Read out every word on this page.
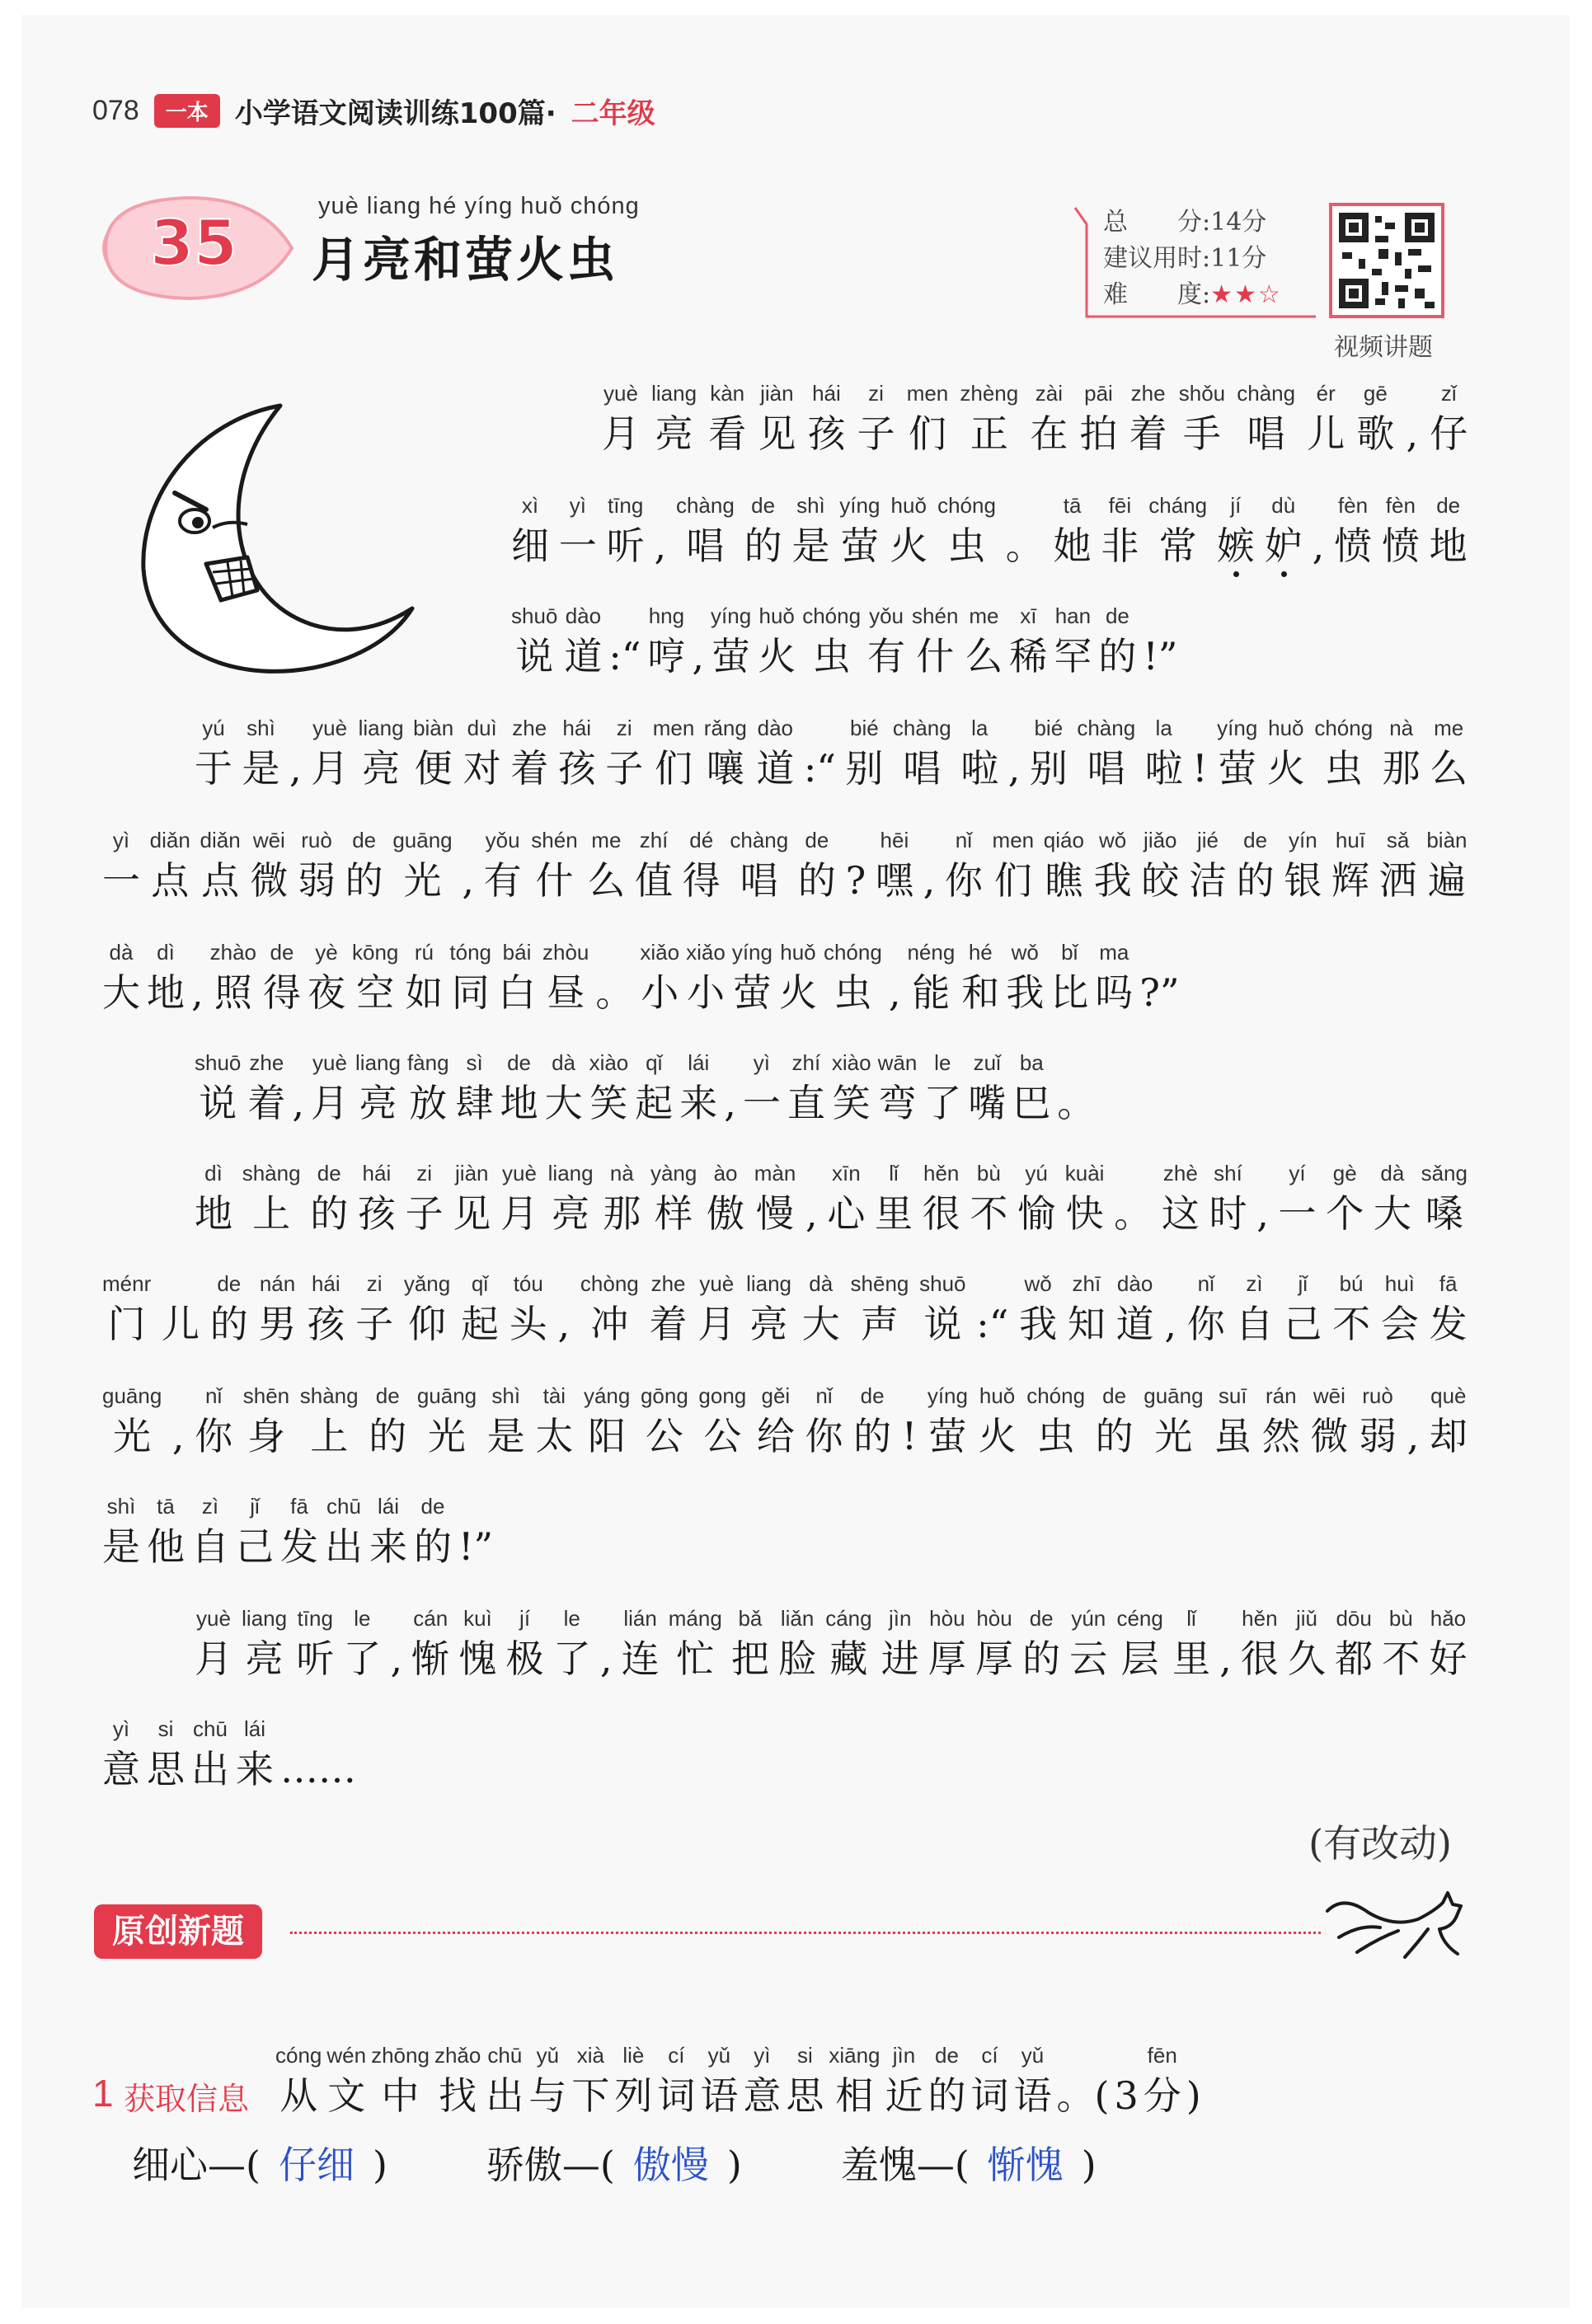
078	一本 小学语文阅读训练100篇· 二年级
35	yuè liang hé yíng huǒ chóng
月亮和萤火虫
总　　分:14分
建议用时:11分
难　　度:★★☆
视频讲题
yuè
月
liang
亮
kàn
看
jiàn
见
hái
孩
zi
子
men
们
zhèng
正
zài
在
pāi
拍
zhe
着
shǒu
手
chàng
唱
ér
儿
gē
歌 ,
zǐ
仔
xì
细
yì
一
tīng
听 ,
chàng
唱
de
的
shì
是
yíng
萤
huǒ
火
chóng
虫 。
tā
她
fēi
非
cháng
常
jí
嫉
dù
妒 ,
fèn
愤
fèn
愤
de
地
shuō
说
dào
道 :“
hng
哼 ,
yíng
萤
huǒ
火
chóng
虫
yǒu
有
shén
什
me
么
xī
稀
han
罕
de
的 !”
yú
于
shì
是 ,
yuè
月
liang
亮
biàn
便
duì
对
zhe
着
hái
孩
zi
子
men
们
rǎng
嚷
dào
道 :“
bié
别
chàng
唱
la
啦 ,
bié
别
chàng
唱
la
啦 !
yíng
萤
huǒ
火
chóng
虫
nà
那
me
么
yì
一
diǎn
点
diǎn
点
wēi
微
ruò
弱
de
的
guāng
光 ,
yǒu
有
shén
什
me
么
zhí
值
dé
得
chàng
唱
de
的 ?
hēi
嘿 ,
nǐ
你
men
们
qiáo
瞧
wǒ
我
jiǎo
皎
jié
洁
de
的
yín
银
huī
辉
sǎ
洒
biàn
遍
dà
大
dì
地 ,
zhào
照
de
得
yè
夜
kōng
空
rú
如
tóng
同
bái
白
zhòu
昼 。
xiǎo
小
xiǎo
小
yíng
萤
huǒ
火
chóng
虫 ,
néng
能
hé
和
wǒ
我
bǐ
比
ma
吗 ?”
shuō
说
zhe
着 ,
yuè
月
liang
亮
fàng
放
sì
肆
de
地
dà
大
xiào
笑
qǐ
起
lái
来 ,
yì
一
zhí
直
xiào
笑
wān
弯
le
了
zuǐ
嘴
ba
巴 。
dì
地
shàng
上
de
的
hái
孩
zi
子
jiàn
见
yuè
月
liang
亮
nà
那
yàng
样
ào
傲
màn
慢 ,
xīn
心
lǐ
里
hěn
很
bù
不
yú
愉
kuài
快 。
zhè
这
shí
时 ,
yí
一
gè
个
dà
大
sǎng
嗓
ménr
门 儿
de
的
nán
男
hái
孩
zi
子
yǎng
仰
qǐ
起
tóu
头 ,
chòng
冲
zhe
着
yuè
月
liang
亮
dà
大
shēng
声
shuō
说 :“
wǒ
我
zhī
知
dào
道 ,
nǐ
你
zì
自
jǐ
己
bú
不
huì
会
fā
发
guāng
光 ,
nǐ
你
shēn
身
shàng
上
de
的
guāng
光
shì
是
tài
太
yáng
阳
gōng
公
gong
公
gěi
给
nǐ
你
de
的 !
yíng
萤
huǒ
火
chóng
虫
de
的
guāng
光
suī
虽
rán
然
wēi
微
ruò
弱 ,
què
却
shì
是
tā
他
zì
自
jǐ
己
fā
发
chū
出
lái
来
de
的 !”
yuè
月
liang
亮
tīng
听
le
了 ,
cán
惭
kuì
愧
jí
极
le
了 ,
lián
连
máng
忙
bǎ
把
liǎn
脸
cáng
藏
jìn
进
hòu
厚
hòu
厚
de
的
yún
云
céng
层
lǐ
里 ,
hěn
很
jiǔ
久
dōu
都
bù
不
hǎo
好
yì
意
si
思
chū
出
lái
来 ……
(有改动)
原创新题
1 获取信息
cóng
从
wén
文
zhōng
中
zhǎo
找
chū
出
yǔ
与
xià
下
liè
列
cí
词
yǔ
语
yì
意
si
思
xiāng
相
jìn
近
de
的
cí
词
yǔ
语 。( 3
fēn
分 )
细心—( 仔细 )	骄傲—( 傲慢 )	羞愧—( 惭愧 )
